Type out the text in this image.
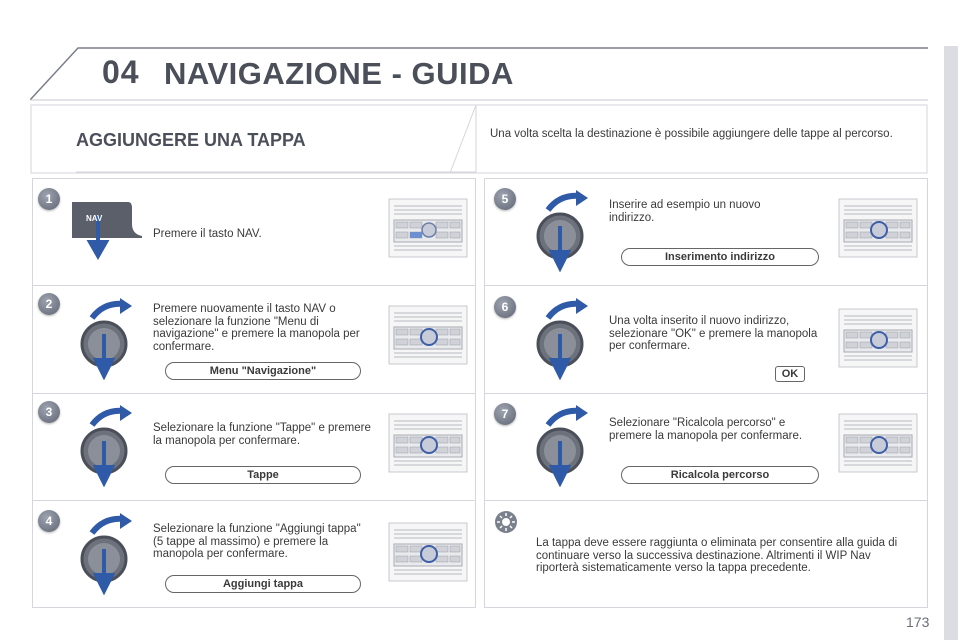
04 NAVIGAZIONE - GUIDA
AGGIUNGERE UNA TAPPA	Una volta scelta la destinazione è possibile aggiungere delle tappe al percorso.
1
2
3
4
5
6
7
NAV
Premere il tasto NAV.
Premere nuovamente il tasto NAV o selezionare la funzione "Menu di navigazione" e premere la manopola per confermare.
Menu "Navigazione"
Selezionare la funzione "Tappe" e premere la manopola per confermare.
Tappe
Selezionare la funzione "Aggiungi tappa" (5 tappe al massimo) e premere la manopola per confermare.
Aggiungi tappa
Inserire ad esempio un nuovo indirizzo.
Inserimento indirizzo
Una volta inserito il nuovo indirizzo, selezionare "OK" e premere la manopola per confermare.
OK
Selezionare "Ricalcola percorso" e premere la manopola per confermare.
Ricalcola percorso
La tappa deve essere raggiunta o eliminata per consentire alla guida di continuare verso la successiva destinazione. Altrimenti il WIP Nav riporterà sistematicamente verso la tappa precedente.
173
